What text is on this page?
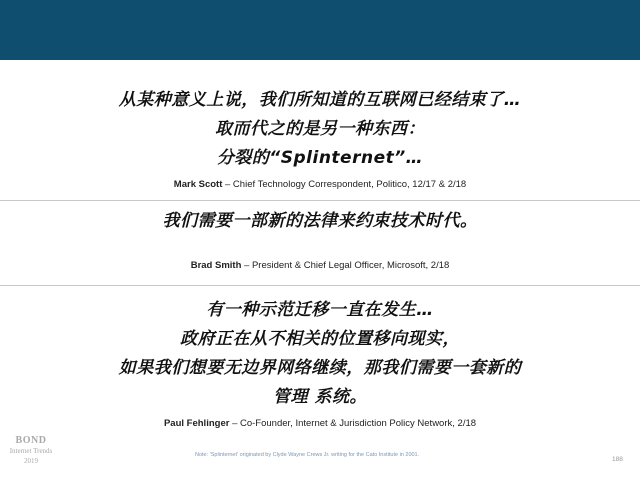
从某种意义上说，我们所知道的互联网已经结束了…
取而代之的是另一种东西：
分裂的“Splinternet”…
Mark Scott – Chief Technology Correspondent, Politico, 12/17 & 2/18
我们需要一部新的法律来约束技术时代。
Brad Smith – President & Chief Legal Officer, Microsoft, 2/18
有一种示范迁移一直在发生…
政府正在从不相关的位置移向现实，
如果我们想要无边界网络继续，那我们需要一套新的
管理 系统。
Paul Fehlinger – Co-Founder, Internet & Jurisdiction Policy Network, 2/18
BOND
Internet Trends
2019
Note: 'Splinternet' originated by Clyde Wayne Crews Jr. writing for the Cato Institute in 2001.
188
